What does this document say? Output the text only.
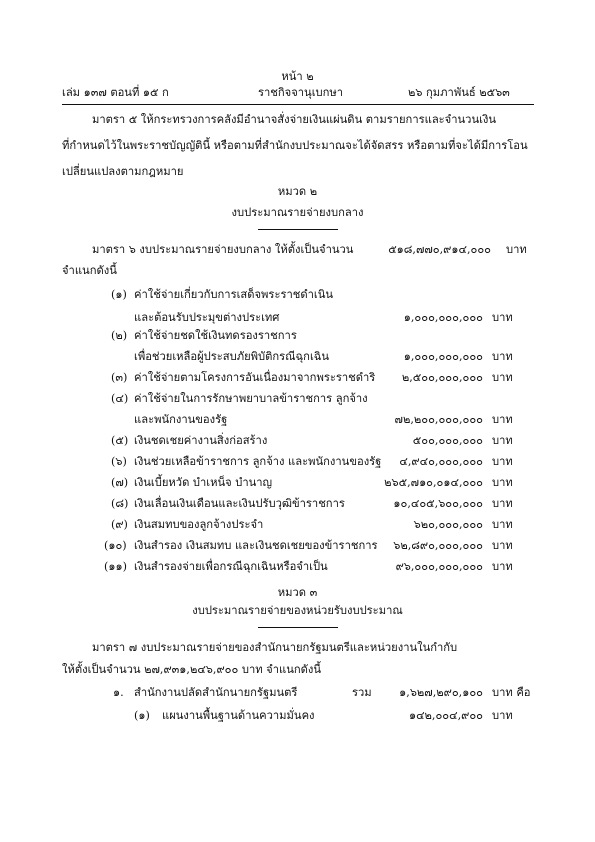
หน้า ๒
เล่ม ๑๓๗ ตอนที่ ๑๕ ก	ราชกิจจานุเบกษา	๒๖ กุมภาพันธ์ ๒๕๖๓
มาตรา ๕ ให้กระทรวงการคลังมีอำนาจสั่งจ่ายเงินแผ่นดิน ตามรายการและจำนวนเงิน
ที่กำหนดไว้ในพระราชบัญญัตินี้ หรือตามที่สำนักงบประมาณจะได้จัดสรร หรือตามที่จะได้มีการโอน
เปลี่ยนแปลงตามกฎหมาย
หมวด ๒
งบประมาณรายจ่ายงบกลาง
มาตรา ๖ งบประมาณรายจ่ายงบกลาง ให้ตั้งเป็นจำนวน	๕๑๘,๗๗๐,๙๑๔,๐๐๐ บาท
จำแนกดังนี้
(๑) ค่าใช้จ่ายเกี่ยวกับการเสด็จพระราชดำเนิน
และต้อนรับประมุขต่างประเทศ	๑,๐๐๐,๐๐๐,๐๐๐ บาท
(๒) ค่าใช้จ่ายชดใช้เงินทดรองราชการ
เพื่อช่วยเหลือผู้ประสบภัยพิบัติกรณีฉุกเฉิน	๑,๐๐๐,๐๐๐,๐๐๐ บาท
(๓) ค่าใช้จ่ายตามโครงการอันเนื่องมาจากพระราชดำริ ๒,๕๐๐,๐๐๐,๐๐๐ บาท
(๔) ค่าใช้จ่ายในการรักษาพยาบาลข้าราชการ ลูกจ้าง
และพนักงานของรัฐ	๗๒,๒๐๐,๐๐๐,๐๐๐ บาท
(๕) เงินชดเชยค่างานสิ่งก่อสร้าง	๕๐๐,๐๐๐,๐๐๐ บาท
(๖) เงินช่วยเหลือข้าราชการ ลูกจ้าง และพนักงานของรัฐ ๔,๙๔๐,๐๐๐,๐๐๐ บาท
(๗) เงินเบี้ยหวัด บำเหน็จ บำนาญ	๒๖๕,๗๑๐,๐๑๔,๐๐๐ บาท
(๘) เงินเลื่อนเงินเดือนและเงินปรับวุฒิข้าราชการ	๑๐,๔๐๕,๖๐๐,๐๐๐ บาท
(๙) เงินสมทบของลูกจ้างประจำ	๖๒๐,๐๐๐,๐๐๐ บาท
(๑๐) เงินสำรอง เงินสมทบ และเงินชดเชยของข้าราชการ ๖๒,๘๙๐,๐๐๐,๐๐๐ บาท
(๑๑) เงินสำรองจ่ายเพื่อกรณีฉุกเฉินหรือจำเป็น	๙๖,๐๐๐,๐๐๐,๐๐๐ บาท
หมวด ๓
งบประมาณรายจ่ายของหน่วยรับงบประมาณ
มาตรา ๗ งบประมาณรายจ่ายของสำนักนายกรัฐมนตรีและหน่วยงานในกำกับ
ให้ตั้งเป็นจำนวน ๒๗,๙๓๑,๒๔๖,๙๐๐ บาท จำแนกดังนี้
๑. สำนักงานปลัดสำนักนายกรัฐมนตรี	รวม ๑,๖๒๗,๒๙๐,๑๐๐ บาท คือ
(๑) แผนงานพื้นฐานด้านความมั่นคง	๑๔๒,๐๐๔,๙๐๐ บาท
